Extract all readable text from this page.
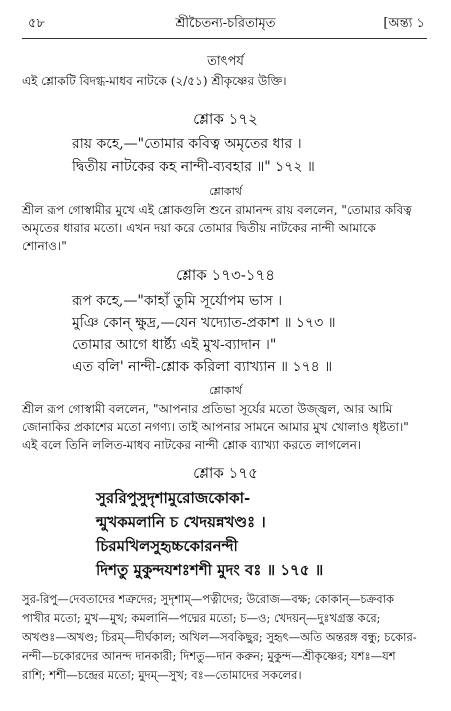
৫৮	শ্রীচৈতন্য-চরিতামৃত	[অন্ত্য ১
তাৎপর্য
এই শ্লোকটি বিদগ্ধ-মাধব নাটকে (২/৫১) শ্রীকৃষ্ণের উক্তি।
শ্লোক ১৭২
রায় কহে,—"তোমার কবিত্ব অমৃতের ধার ।
দ্বিতীয় নাটকের কহ নান্দী-ব্যবহার ॥" ১৭২ ॥
শ্লোকার্থ
শ্রীল রূপ গোস্বামীর মুখে এই শ্লোকগুলি শুনে রামানন্দ রায় বললেন, "তোমার কবিত্ব
অমৃতের ধারার মতো। এখন দয়া করে তোমার দ্বিতীয় নাটকের নান্দী আমাকে
শোনাও।"
শ্লোক ১৭৩-১৭৪
রূপ কহে,—"কাহাঁ তুমি সূর্যোপম ভাস ।
মুঞি কোন্ ক্ষুদ্র,—যেন খদ্যোত-প্রকাশ ॥ ১৭৩ ॥
তোমার আগে ধার্ষ্ট্য এই মুখ-ব্যাদান ।"
এত বলি' নান্দী-শ্লোক করিলা ব্যাখ্যান ॥ ১৭৪ ॥
শ্লোকার্থ
শ্রীল রূপ গোস্বামী বললেন, "আপনার প্রতিভা সূর্যের মতো উজ্জ্বল, আর আমি
জোনাকির প্রকাশের মতো নগণ্য। তাই আপনার সামনে আমার মুখ খোলাও ধৃষ্টতা।"
এই বলে তিনি ললিত-মাধব নাটকের নান্দী শ্লোক ব্যাখ্যা করতে লাগলেন।
শ্লোক ১৭৫
সুররিপুসুদৃশামুরোজকোকা-
ন্মুখকমলানি চ খেদয়ন্নখণ্ডঃ ।
চিরমখিলসুহৃচ্চকোরনন্দী
দিশতু মুকুন্দযশঃশশী মুদং বঃ ॥ ১৭৫ ॥
সুর-রিপু—দেবতাদের শত্রুদের; সুদৃশাম্—পত্নীদের; উরোজ—বক্ষ; কোকান্—চক্রবাক
পাখীর মতো; মুখ—মুখ; কমলানি—পদ্মের মতো; চ—ও; খেদয়ন্—দুঃখগ্রস্ত করে;
অখণ্ডঃ—অখণ্ড; চিরম্—দীর্ঘকাল; অখিল—সবকিছুর; সুহৃৎ—অতি অন্তরঙ্গ বন্ধু; চকোর-
নন্দী—চকোরদের আনন্দ দানকারী; দিশতু—দান করুন; মুকুন্দ—শ্রীকৃষ্ণের; যশঃ—যশ
রাশি; শশী—চন্দ্রের মতো; মুদম্—সুখ; বঃ—তোমাদের সকলের।
